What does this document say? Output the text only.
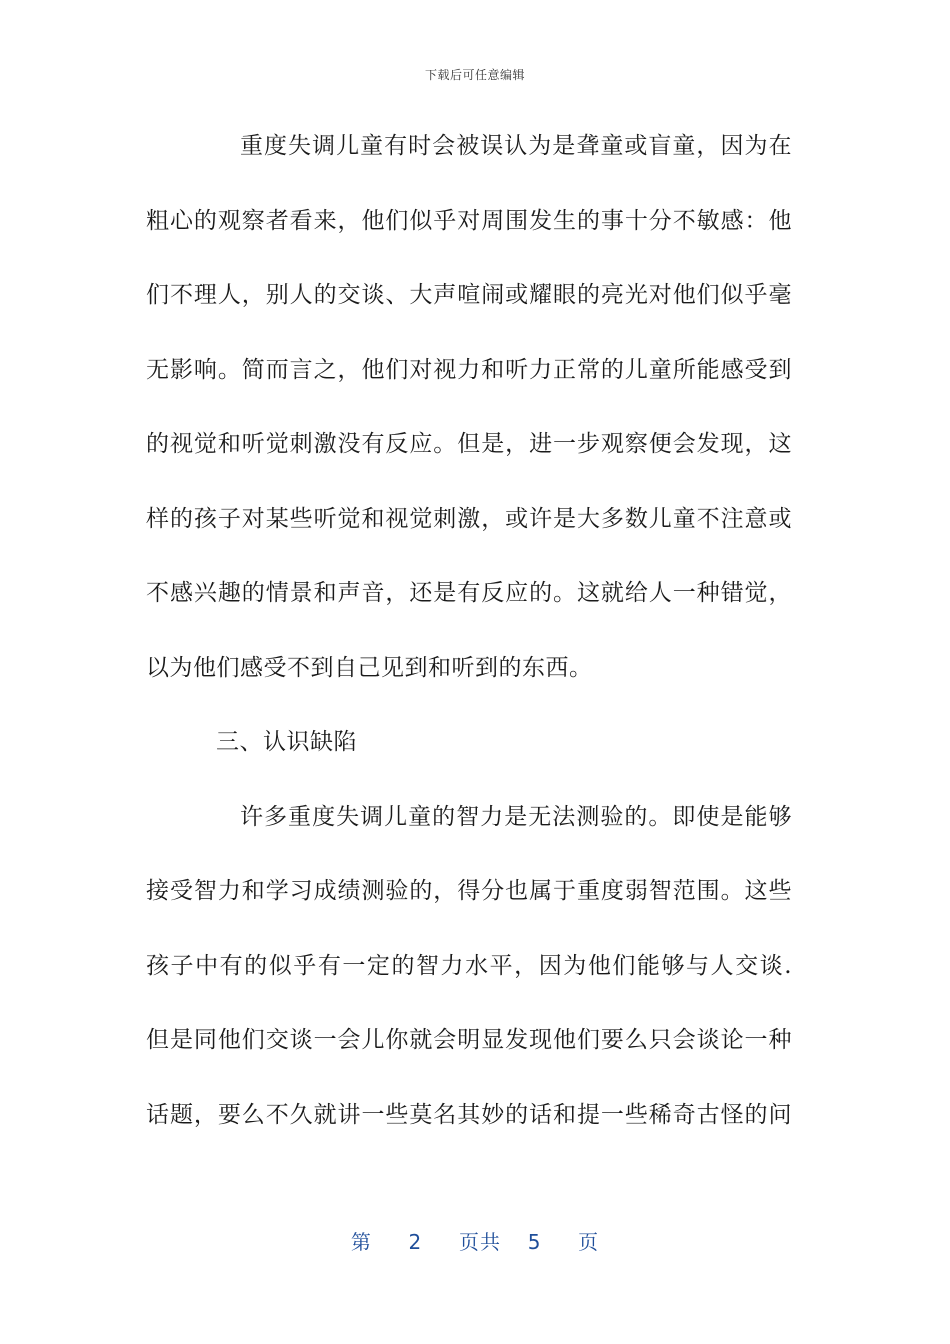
下载后可任意编辑
重度失调儿童有时会被误认为是聋童或盲童，因为在
粗心的观察者看来，他们似乎对周围发生的事十分不敏感：他
们不理人，别人的交谈、大声喧闹或耀眼的亮光对他们似乎毫
无影响。简而言之，他们对视力和听力正常的儿童所能感受到
的视觉和听觉刺激没有反应。但是，进一步观察便会发现，这
样的孩子对某些听觉和视觉刺激，或许是大多数儿童不注意或
不感兴趣的情景和声音，还是有反应的。这就给人一种错觉，
以为他们感受不到自己见到和听到的东西。
三、认识缺陷
许多重度失调儿童的智力是无法测验的。即使是能够
接受智力和学习成绩测验的，得分也属于重度弱智范围。这些
孩子中有的似乎有一定的智力水平，因为他们能够与人交谈.
但是同他们交谈一会儿你就会明显发现他们要么只会谈论一种
话题，要么不久就讲一些莫名其妙的话和提一些稀奇古怪的问
第 2 页共 5 页
